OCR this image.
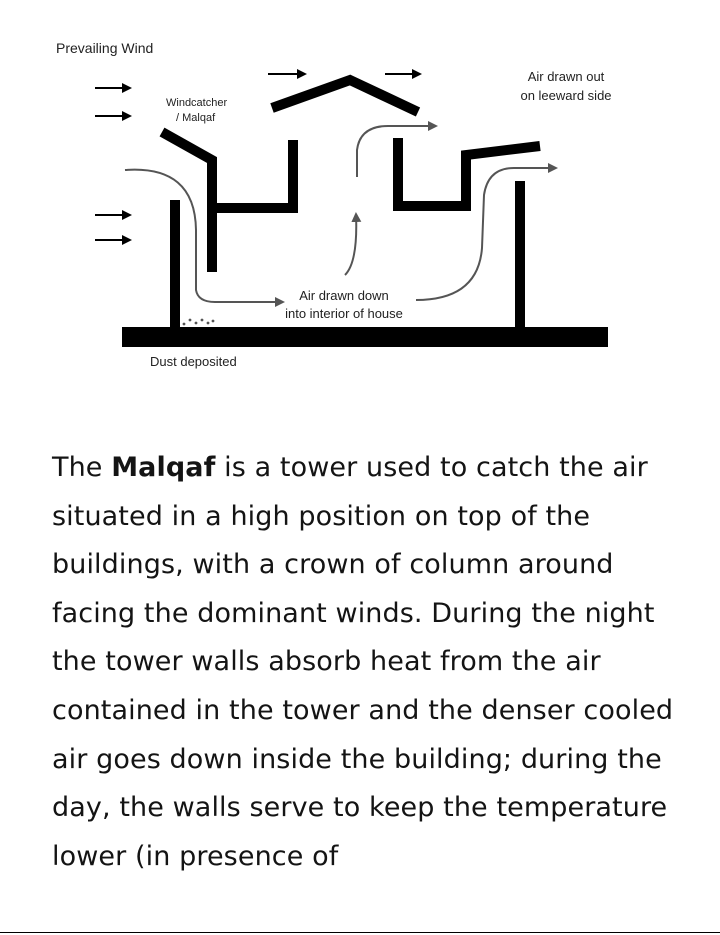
Prevailing Wind
Windcatcher
/ Malqaf
Air drawn out
on leeward side
Air drawn down
into interior of house
Dust deposited

The Malqaf is a tower used to catch the air situated in a high position on top of the buildings, with a crown of column around facing the dominant winds. During the night the tower walls absorb heat from the air contained in the tower and the denser cooled air goes down inside the building; during the day, the walls serve to keep the temperature lower (in presence of
